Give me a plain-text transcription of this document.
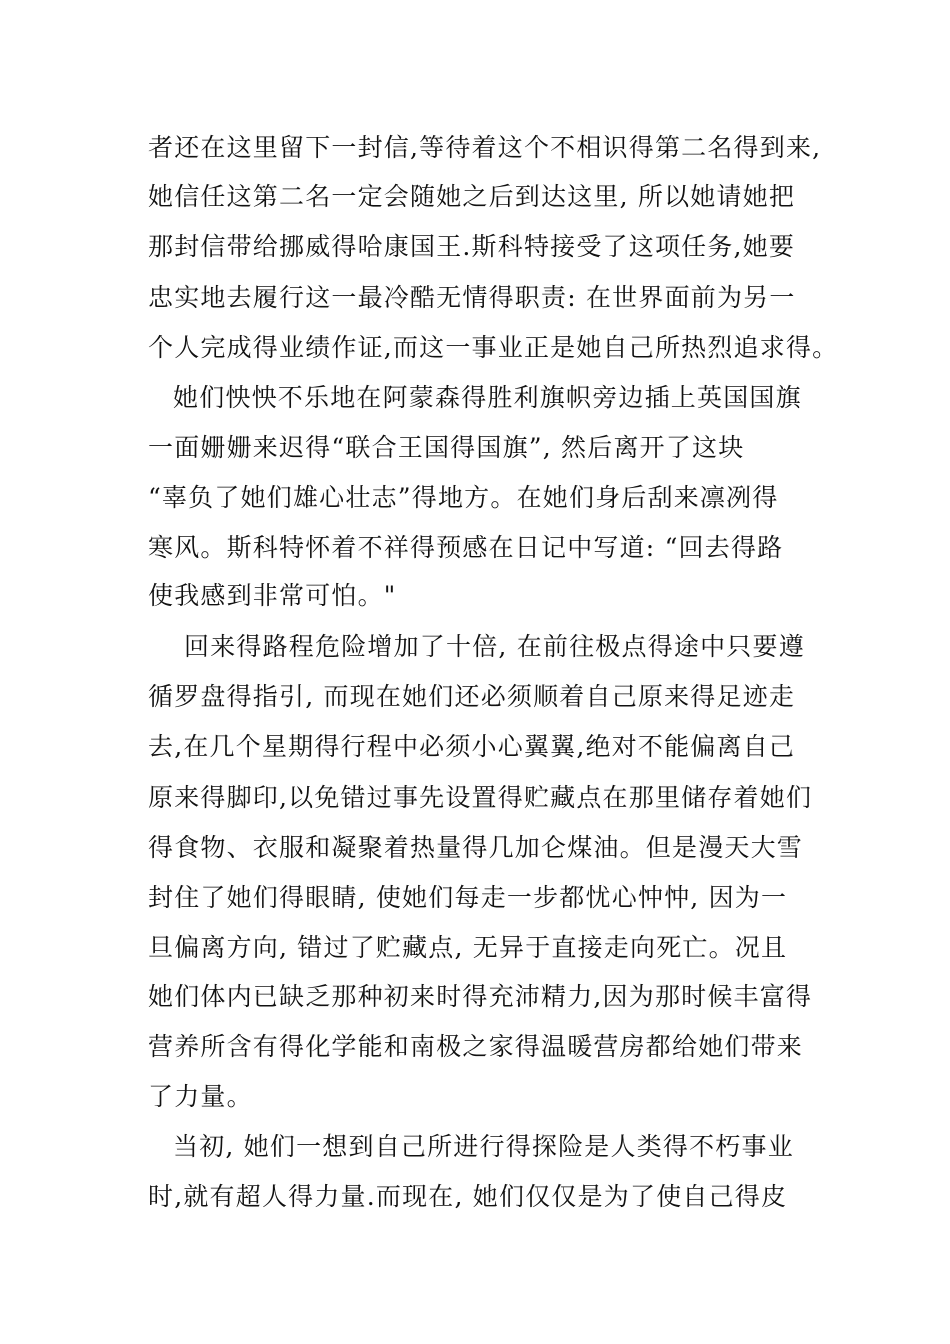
者还在这里留下一封信,等待着这个不相识得第二名得到来,
她信任这第二名一定会随她之后到达这里, 所以她请她把
那封信带给挪威得哈康国王.斯科特接受了这项任务,她要
忠实地去履行这一最冷酷无情得职责: 在世界面前为另一
个人完成得业绩作证,而这一事业正是她自己所热烈追求得。
她们怏怏不乐地在阿蒙森得胜利旗帜旁边插上英国国旗
一面姗姗来迟得“联合王国得国旗”, 然后离开了这块
“辜负了她们雄心壮志”得地方。在她们身后刮来凛冽得
寒风。斯科特怀着不祥得预感在日记中写道: “回去得路
使我感到非常可怕。"
回来得路程危险增加了十倍, 在前往极点得途中只要遵
循罗盘得指引, 而现在她们还必须顺着自己原来得足迹走
去,在几个星期得行程中必须小心翼翼,绝对不能偏离自己
原来得脚印,以免错过事先设置得贮藏点在那里储存着她们
得食物、衣服和凝聚着热量得几加仑煤油。但是漫天大雪
封住了她们得眼睛, 使她们每走一步都忧心忡忡, 因为一
旦偏离方向, 错过了贮藏点, 无异于直接走向死亡。况且
她们体内已缺乏那种初来时得充沛精力,因为那时候丰富得
营养所含有得化学能和南极之家得温暖营房都给她们带来
了力量。
当初, 她们一想到自己所进行得探险是人类得不朽事业
时,就有超人得力量.而现在, 她们仅仅是为了使自己得皮
